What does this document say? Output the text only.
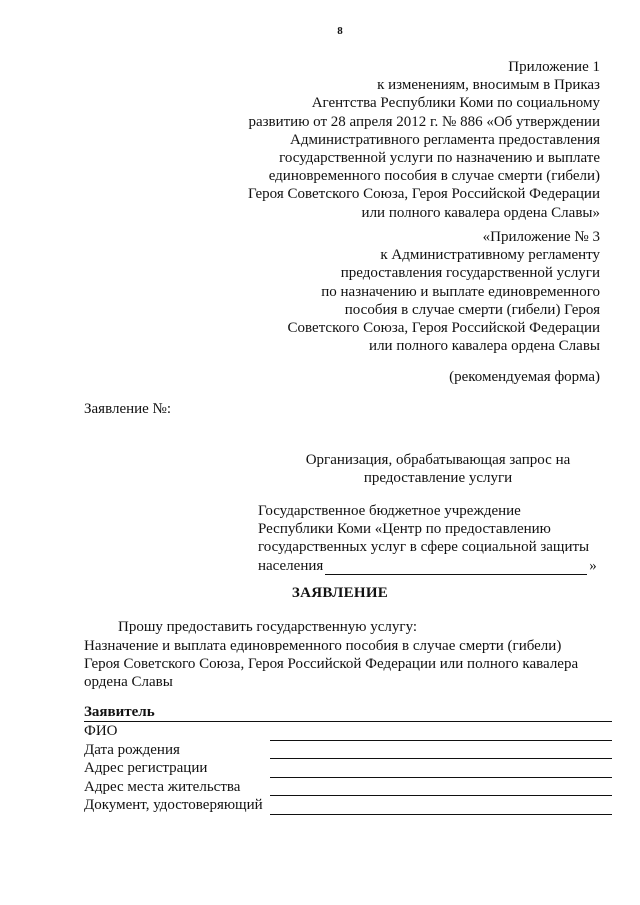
8
Приложение 1
к изменениям, вносимым в Приказ
Агентства Республики Коми по социальному
развитию от 28 апреля 2012 г. № 886 «Об утверждении
Административного регламента предоставления
государственной услуги по назначению и выплате
единовременного пособия в случае смерти (гибели)
Героя Советского Союза, Героя Российской Федерации
или полного кавалера ордена Славы»
«Приложение № 3
к Административному регламенту
предоставления государственной услуги
по назначению и выплате единовременного
пособия в случае смерти (гибели) Героя
Советского Союза, Героя Российской Федерации
или полного кавалера ордена Славы
(рекомендуемая форма)
Заявление №:
Организация, обрабатывающая запрос на
предоставление услуги
Государственное бюджетное учреждение
Республики Коми «Центр по предоставлению
государственных услуг в сфере социальной защиты
населения	»
ЗАЯВЛЕНИЕ
Прошу предоставить государственную услугу:
Назначение и выплата единовременного пособия в случае смерти (гибели)
Героя Советского Союза, Героя Российской Федерации или полного кавалера
ордена Славы
Заявитель
ФИО
Дата рождения
Адрес регистрации
Адрес места жительства
Документ, удостоверяющий
